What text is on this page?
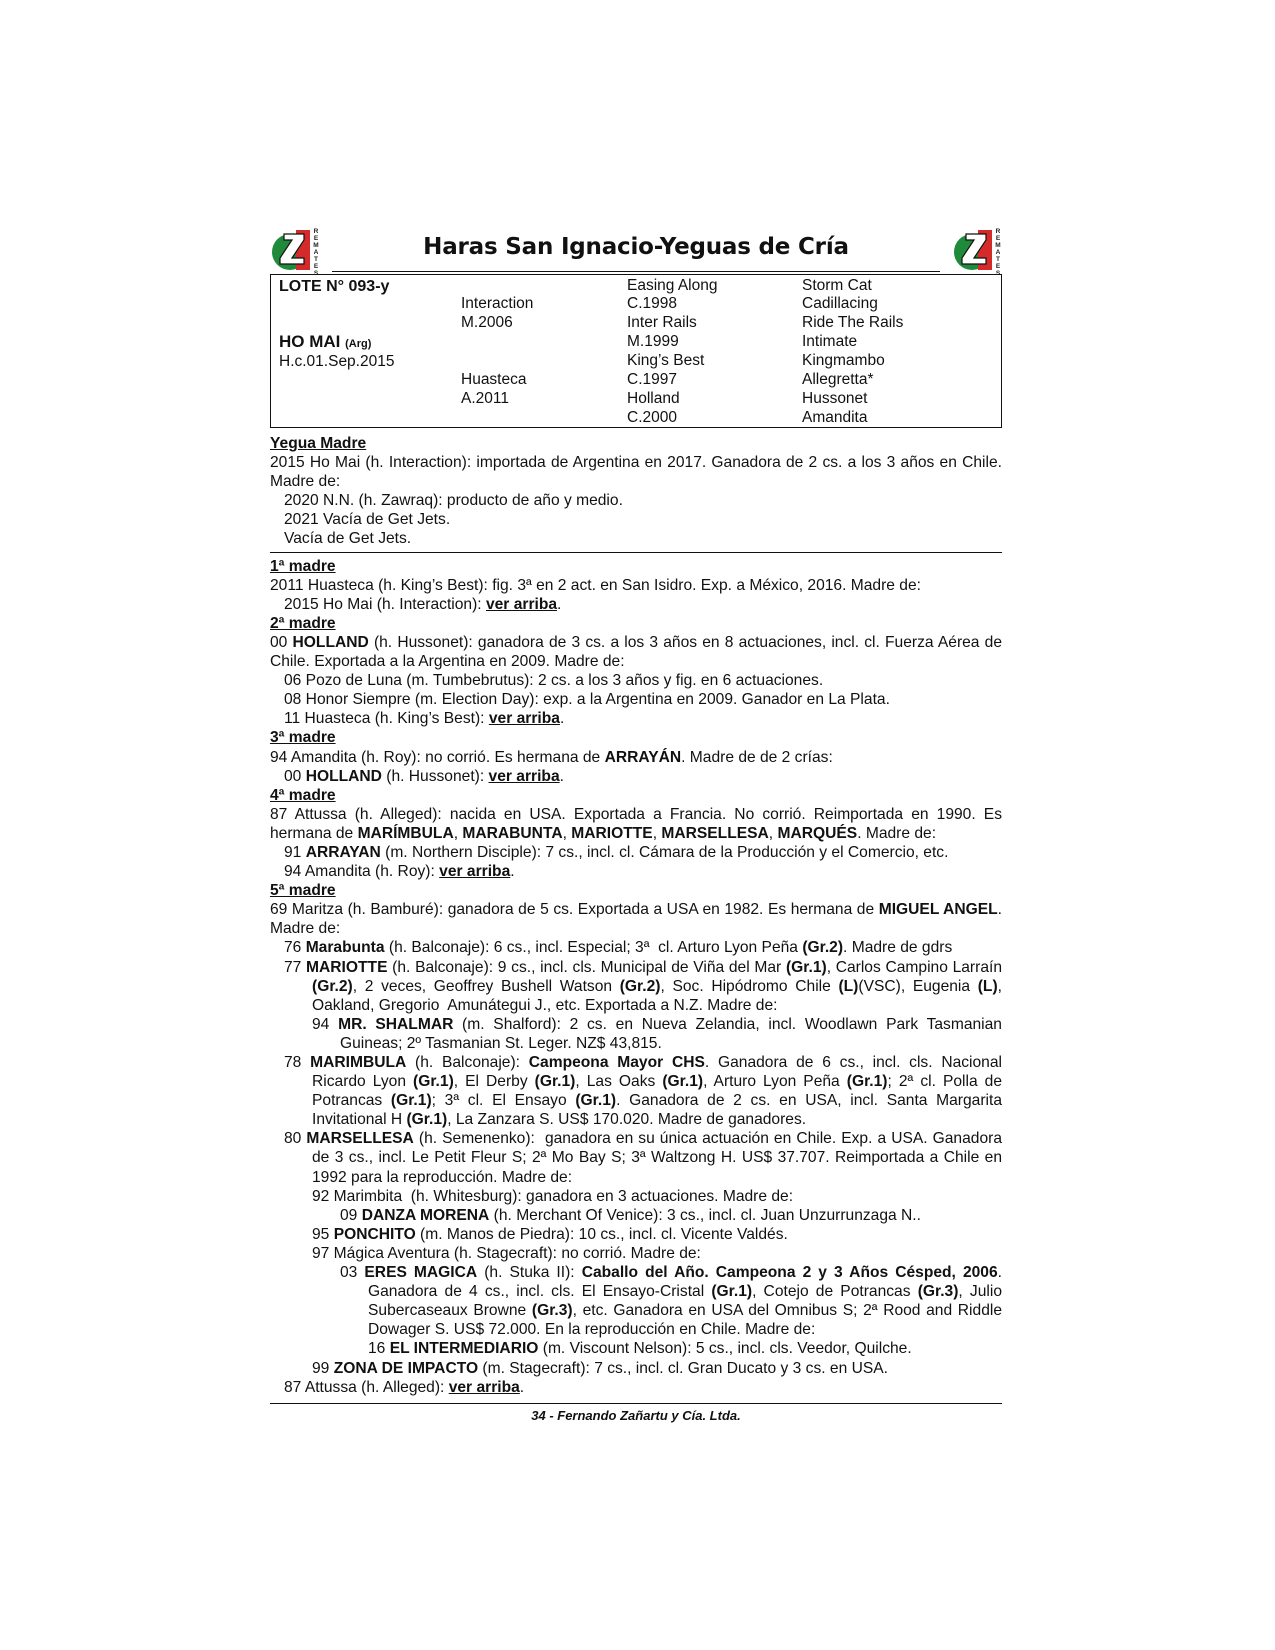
REMATES
Haras San Ignacio-Yeguas de Cría
REMATES
LOTE N° 093-y
HO MAI (Arg)
H.c.01.Sep.2015
Interaction
M.2006
Huasteca
A.2011
Easing Along
C.1998
Inter Rails
M.1999
King’s Best
C.1997
Holland
C.2000
Storm Cat
Cadillacing
Ride The Rails
Intimate
Kingmambo
Allegretta*
Hussonet
Amandita

Yegua Madre

2015 Ho Mai (h. Interaction): importada de Argentina en 2017. Ganadora de 2 cs. a los 3 años en Chile. Madre de:

2020 N.N. (h. Zawraq): producto de año y medio.

2021 Vacía de Get Jets.

Vacía de Get Jets.

1ª madre

2011 Huasteca (h. King’s Best): fig. 3ª en 2 act. en San Isidro. Exp. a México, 2016. Madre de:

2015 Ho Mai (h. Interaction): ver arriba.

2ª madre

00 HOLLAND (h. Hussonet): ganadora de 3 cs. a los 3 años en 8 actuaciones, incl. cl. Fuerza Aérea de Chile. Exportada a la Argentina en 2009. Madre de:

06 Pozo de Luna (m. Tumbebrutus): 2 cs. a los 3 años y fig. en 6 actuaciones.

08 Honor Siempre (m. Election Day): exp. a la Argentina en 2009. Ganador en La Plata.

11 Huasteca (h. King’s Best): ver arriba.

3ª madre

94 Amandita (h. Roy): no corrió. Es hermana de ARRAYÁN. Madre de de 2 crías:

00 HOLLAND (h. Hussonet): ver arriba.

4ª madre

87 Attussa (h. Alleged): nacida en USA. Exportada a Francia. No corrió. Reimportada en 1990. Es hermana de MARÍMBULA, MARABUNTA, MARIOTTE, MARSELLESA, MARQUÉS. Madre de:

91 ARRAYAN (m. Northern Disciple): 7 cs., incl. cl. Cámara de la Producción y el Comercio, etc.

94 Amandita (h. Roy): ver arriba.

5ª madre

69 Maritza (h. Bamburé): ganadora de 5 cs. Exportada a USA en 1982. Es hermana de MIGUEL ANGEL. Madre de:

76 Marabunta (h. Balconaje): 6 cs., incl. Especial; 3ª  cl. Arturo Lyon Peña (Gr.2). Madre de gdrs

77 MARIOTTE (h. Balconaje): 9 cs., incl. cls. Municipal de Viña del Mar (Gr.1), Carlos Campino Larraín (Gr.2), 2 veces, Geoffrey Bushell Watson (Gr.2), Soc. Hipódromo Chile (L)(VSC), Eugenia (L), Oakland, Gregorio  Amunátegui J., etc. Exportada a N.Z. Madre de:

94 MR. SHALMAR (m. Shalford): 2 cs. en Nueva Zelandia, incl. Woodlawn Park Tasmanian Guineas; 2º Tasmanian St. Leger. NZ$ 43,815.

78 MARIMBULA (h. Balconaje): Campeona Mayor CHS. Ganadora de 6 cs., incl. cls. Nacional Ricardo Lyon (Gr.1), El Derby (Gr.1), Las Oaks (Gr.1), Arturo Lyon Peña (Gr.1); 2ª cl. Polla de Potrancas (Gr.1); 3ª cl. El Ensayo (Gr.1). Ganadora de 2 cs. en USA, incl. Santa Margarita Invitational H (Gr.1), La Zanzara S. US$ 170.020. Madre de ganadores.

80 MARSELLESA (h. Semenenko):  ganadora en su única actuación en Chile. Exp. a USA. Ganadora de 3 cs., incl. Le Petit Fleur S; 2ª Mo Bay S; 3ª Waltzong H. US$ 37.707. Reimportada a Chile en 1992 para la reproducción. Madre de:

92 Marimbita  (h. Whitesburg): ganadora en 3 actuaciones. Madre de:

09 DANZA MORENA (h. Merchant Of Venice): 3 cs., incl. cl. Juan Unzurrunzaga N..

95 PONCHITO (m. Manos de Piedra): 10 cs., incl. cl. Vicente Valdés.

97 Mágica Aventura (h. Stagecraft): no corrió. Madre de:

03 ERES MAGICA (h. Stuka II): Caballo del Año. Campeona 2 y 3 Años Césped, 2006. Ganadora de 4 cs., incl. cls. El Ensayo-Cristal (Gr.1), Cotejo de Potrancas (Gr.3), Julio Subercaseaux Browne (Gr.3), etc. Ganadora en USA del Omnibus S; 2ª Rood and Riddle Dowager S. US$ 72.000. En la reproducción en Chile. Madre de:

16 EL INTERMEDIARIO (m. Viscount Nelson): 5 cs., incl. cls. Veedor, Quilche.

99 ZONA DE IMPACTO (m. Stagecraft): 7 cs., incl. cl. Gran Ducato y 3 cs. en USA.

87 Attussa (h. Alleged): ver arriba.

34 - Fernando Zañartu y Cía. Ltda.
